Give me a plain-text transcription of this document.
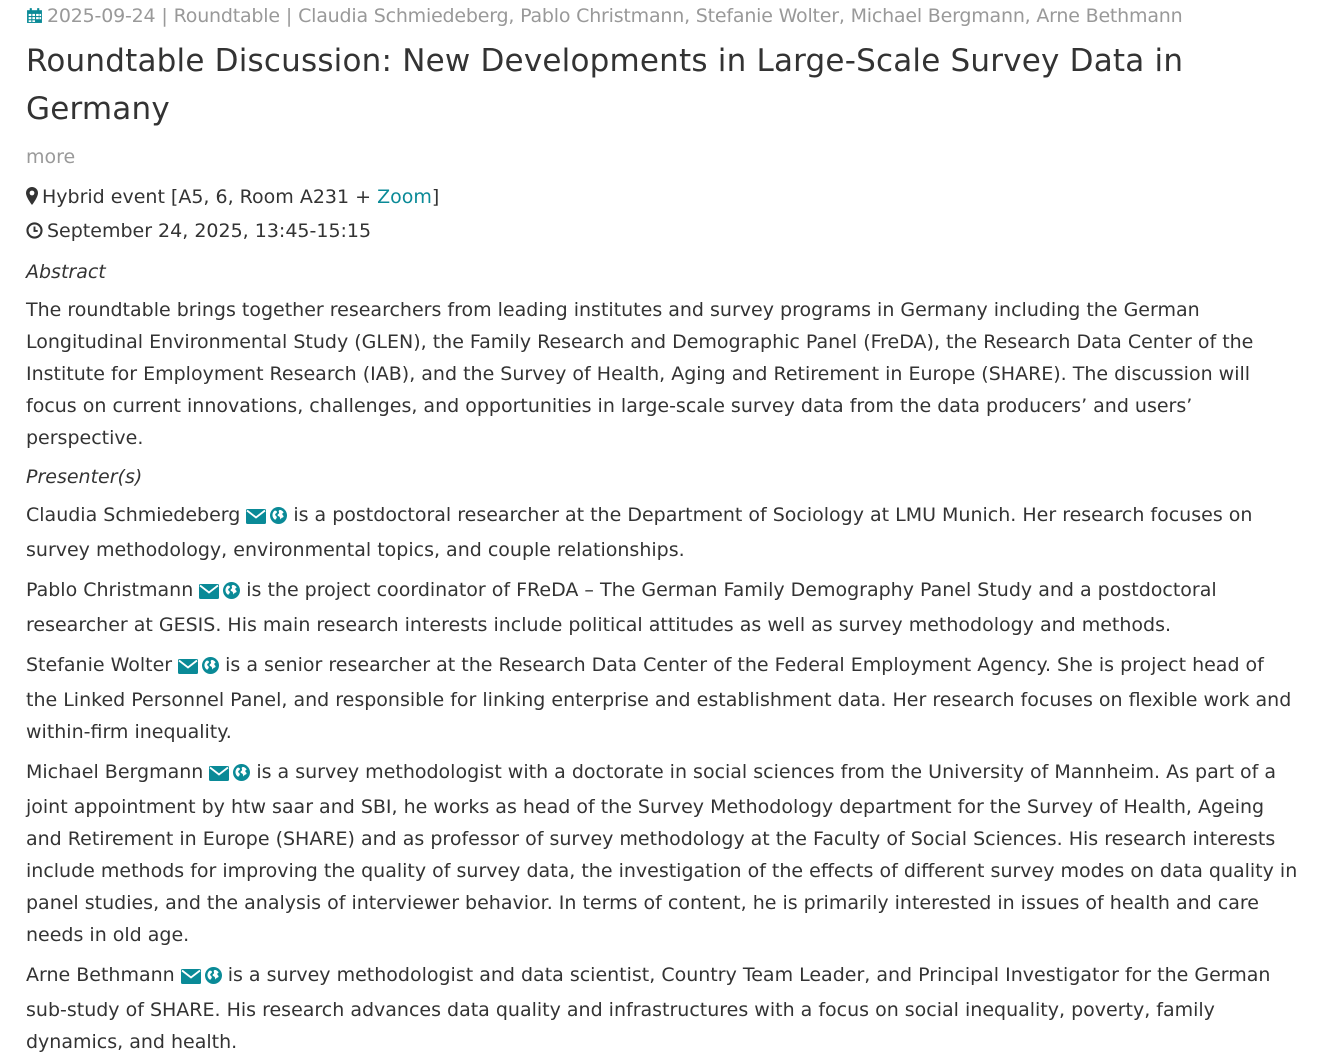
2025-09-24 | Roundtable | Claudia Schmiedeberg, Pablo Christmann, Stefanie Wolter, Michael Bergmann, Arne Bethmann
Roundtable Discussion: New Developments in Large-Scale Survey Data in Germany
more
Hybrid event [A5, 6, Room A231 + Zoom]
September 24, 2025, 13:45-15:15
Abstract

The roundtable brings together researchers from leading institutes and survey programs in Germany including the German Longitudinal Environmental Study (GLEN), the Family Research and Demographic Panel (FreDA), the Research Data Center of the Institute for Employment Research (IAB), and the Survey of Health, Aging and Retirement in Europe (SHARE). The discussion will focus on current innovations, challenges, and opportunities in large-scale survey data from the data producers’ and users’ perspective.

Presenter(s)

Claudia Schmiedeberg	is a postdoctoral researcher at the Department of Sociology at LMU Munich. Her research focuses on survey methodology, environmental topics, and couple relationships.

Pablo Christmann	is the project coordinator of FReDA – The German Family Demography Panel Study and a postdoctoral researcher at GESIS. His main research interests include political attitudes as well as survey methodology and methods.

Stefanie Wolter	is a senior researcher at the Research Data Center of the Federal Employment Agency. She is project head of the Linked Personnel Panel, and responsible for linking enterprise and establishment data. Her research focuses on flexible work and within-firm inequality.

Michael Bergmann	is a survey methodologist with a doctorate in social sciences from the University of Mannheim. As part of a joint appointment by htw saar and SBI, he works as head of the Survey Methodology department for the Survey of Health, Ageing and Retirement in Europe (SHARE) and as professor of survey methodology at the Faculty of Social Sciences. His research interests include methods for improving the quality of survey data, the investigation of the effects of different survey modes on data quality in panel studies, and the analysis of interviewer behavior. In terms of content, he is primarily interested in issues of health and care needs in old age.

Arne Bethmann	is a survey methodologist and data scientist, Country Team Leader, and Principal Investigator for the German sub-study of SHARE. His research advances data quality and infrastructures with a focus on social inequality, poverty, family dynamics, and health.
